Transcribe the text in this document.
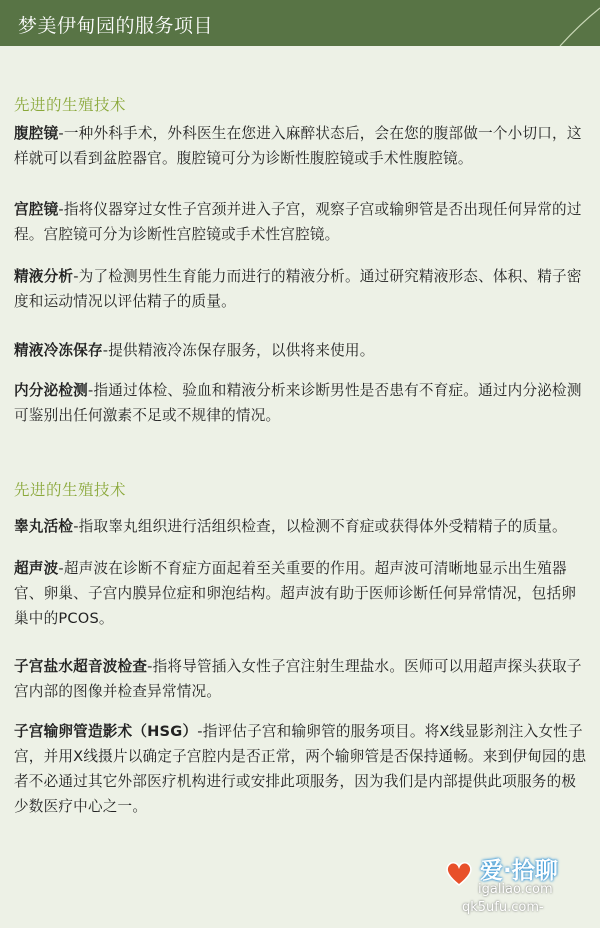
梦美伊甸园的服务项目
先进的生殖技术
腹腔镜-一种外科手术，外科医生在您进入麻醉状态后，会在您的腹部做一个小切口，这样就可以看到盆腔器官。腹腔镜可分为诊断性腹腔镜或手术性腹腔镜。
宫腔镜-指将仪器穿过女性子宫颈并进入子宫，观察子宫或输卵管是否出现任何异常的过程。宫腔镜可分为诊断性宫腔镜或手术性宫腔镜。
精液分析-为了检测男性生育能力而进行的精液分析。通过研究精液形态、体积、精子密度和运动情况以评估精子的质量。
精液冷冻保存-提供精液冷冻保存服务，以供将来使用。
内分泌检测-指通过体检、验血和精液分析来诊断男性是否患有不育症。通过内分泌检测可鉴别出任何激素不足或不规律的情况。
先进的生殖技术
睾丸活检-指取睾丸组织进行活组织检查，以检测不育症或获得体外受精精子的质量。
超声波-超声波在诊断不育症方面起着至关重要的作用。超声波可清晰地显示出生殖器官、卵巢、子宫内膜异位症和卵泡结构。超声波有助于医师诊断任何异常情况，包括卵巢中的PCOS。
子宫盐水超音波检查-指将导管插入女性子宫注射生理盐水。医师可以用超声探头获取子宫内部的图像并检查异常情况。
子宫输卵管造影术（HSG）-指评估子宫和输卵管的服务项目。将X线显影剂注入女性子宫，并用X线摄片以确定子宫腔内是否正常，两个输卵管是否保持通畅。来到伊甸园的患者不必通过其它外部医疗机构进行或安排此项服务，因为我们是内部提供此项服务的极少数医疗中心之一。
爱·拾聊
igaliao.com
qk5ufu.com-
